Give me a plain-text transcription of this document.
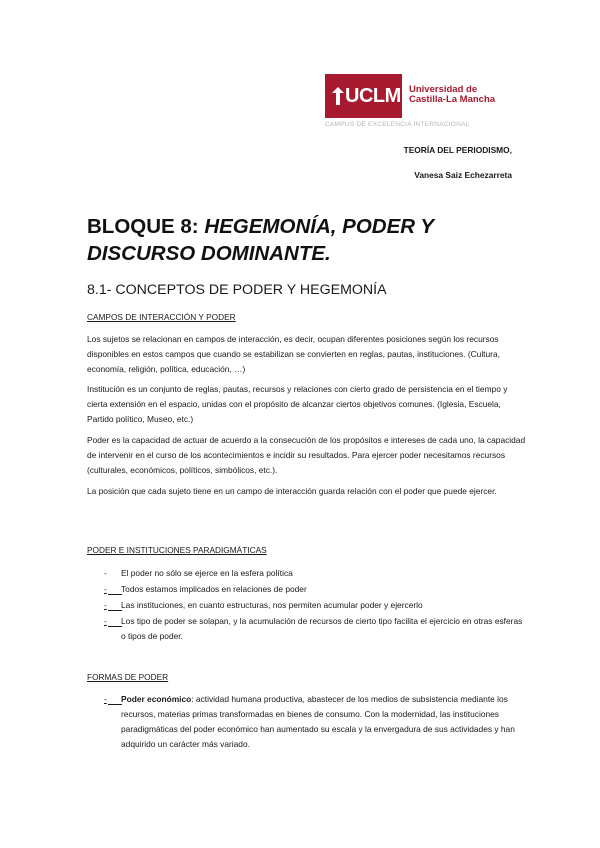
UCLM Universidad de
Castilla-La Mancha
CAMPUS DE EXCELENCIA INTERNACIONAL
TEORÍA DEL PERIODISMO,
Vanesa Saiz Echezarreta
BLOQUE 8: HEGEMONÍA, PODER Y DISCURSO DOMINANTE.
8.1- CONCEPTOS DE PODER Y HEGEMONÍA
CAMPOS DE INTERACCIÓN Y PODER

Los sujetos se relacionan en campos de interacción, es decir, ocupan diferentes posiciones según los recursos disponibles en estos campos que cuando se estabilizan se convierten en reglas, pautas, instituciones. (Cultura, economía, religión, política, educación, …)

Institución es un conjunto de reglas, pautas, recursos y relaciones con cierto grado de persistencia en el tiempo y cierta extensión en el espacio, unidas con el propósito de alcanzar ciertos objetivos comunes. (Iglesia, Escuela, Partido político, Museo, etc.)

Poder es la capacidad de actuar de acuerdo a la consecución de los propósitos e intereses de cada uno, la capacidad de intervenir en el curso de los acontecimientos e incidir su resultados. Para ejercer poder necesitamos recursos (culturales, económicos, políticos, simbólicos, etc.).

La posición que cada sujeto tiene en un campo de interacción guarda relación con el poder que puede ejercer.

PODER E INSTITUCIONES PARADIGMÁTICAS
-	El poder no sólo se ejerce en la esfera política
-	Todos estamos implicados en relaciones de poder
-	Las instituciones, en cuanto estructuras, nos permiten acumular poder y ejercerlo
-	Los tipo de poder se solapan, y la acumulación de recursos de cierto tipo facilita el ejercicio en otras esferas o tipos de poder.
FORMAS DE PODER
-	Poder económico: actividad humana productiva, abastecer de los medios de subsistencia mediante los recursos, materias primas transformadas en bienes de consumo. Con la modernidad, las instituciones paradigmáticas del poder económico han aumentado su escala y la envergadura de sus actividades y han adquirido un carácter más variado.
